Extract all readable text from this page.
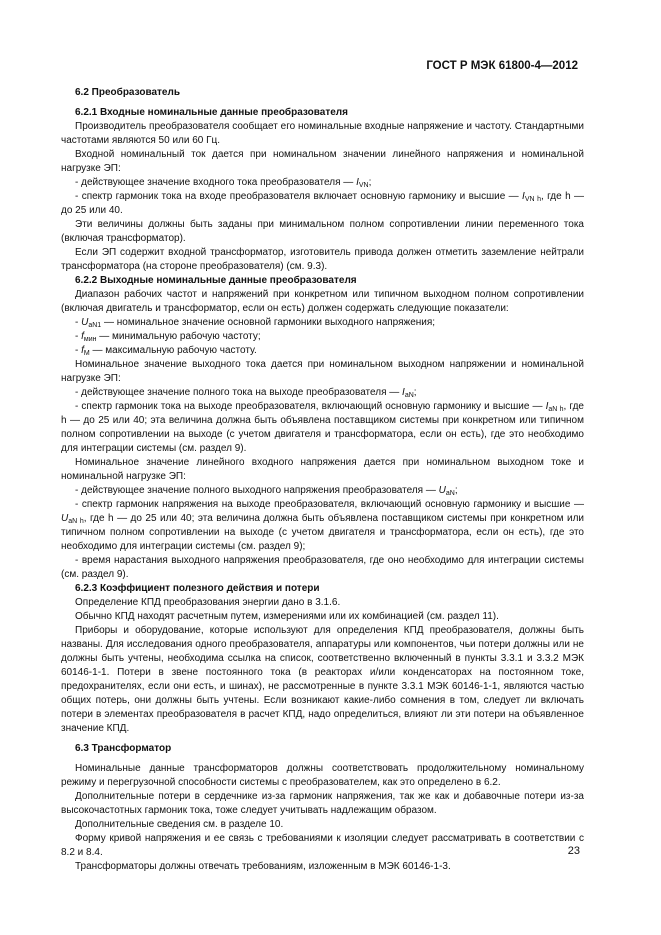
ГОСТ Р МЭК 61800-4—2012

6.2 Преобразователь

6.2.1 Входные номинальные данные преобразователя

Производитель преобразователя сообщает его номинальные входные напряжение и частоту. Стандартными частотами являются 50 или 60 Гц.

Входной номинальный ток дается при номинальном значении линейного напряжения и номинальной нагрузке ЭП:

- действующее значение входного тока преобразователя — $I_{VN}$;

- спектр гармоник тока на входе преобразователя включает основную гармонику и высшие — $I_{VN h}$, где h — до 25 или 40.

Эти величины должны быть заданы при минимальном полном сопротивлении линии переменного тока (включая трансформатор).

Если ЭП содержит входной трансформатор, изготовитель привода должен отметить заземление нейтрали трансформатора (на стороне преобразователя) (см. 9.3).

6.2.2 Выходные номинальные данные преобразователя

Диапазон рабочих частот и напряжений при конкретном или типичном выходном полном сопротивлении (включая двигатель и трансформатор, если он есть) должен содержать следующие показатели:

- $U_{aN1}$ — номинальное значение основной гармоники выходного напряжения;

- $f_{мин}$ — минимальную рабочую частоту;

- $f_М$ — максимальную рабочую частоту.

Номинальное значение выходного тока дается при номинальном выходном напряжении и номинальной нагрузке ЭП:

- действующее значение полного тока на выходе преобразователя — $I_{aN}$;

- спектр гармоник тока на выходе преобразователя, включающий основную гармонику и высшие — $I_{aN h}$, где h — до 25 или 40; эта величина должна быть объявлена поставщиком системы при конкретном или типичном полном сопротивлении на выходе (с учетом двигателя и трансформатора, если он есть), где это необходимо для интеграции системы (см. раздел 9).

Номинальное значение линейного входного напряжения дается при номинальном выходном токе и номинальной нагрузке ЭП:

- действующее значение полного выходного напряжения преобразователя — $U_{aN}$;

- спектр гармоник напряжения на выходе преобразователя, включающий основную гармонику и высшие — $U_{aN h}$, где h — до 25 или 40; эта величина должна быть объявлена поставщиком системы при конкретном или типичном полном сопротивлении на выходе (с учетом двигателя и трансформатора, если он есть), где это необходимо для интеграции системы (см. раздел 9);

- время нарастания выходного напряжения преобразователя, где оно необходимо для интеграции системы (см. раздел 9).

6.2.3 Коэффициент полезного действия и потери

Определение КПД преобразования энергии дано в 3.1.6.

Обычно КПД находят расчетным путем, измерениями или их комбинацией (см. раздел 11).

Приборы и оборудование, которые используют для определения КПД преобразователя, должны быть названы. Для исследования одного преобразователя, аппаратуры или компонентов, чьи потери должны или не должны быть учтены, необходима ссылка на список, соответственно включенный в пункты 3.3.1 и 3.3.2 МЭК 60146-1-1. Потери в звене постоянного тока (в реакторах и/или конденсаторах на постоянном токе, предохранителях, если они есть, и шинах), не рассмотренные в пункте 3.3.1 МЭК 60146-1-1, являются частью общих потерь, они должны быть учтены. Если возникают какие-либо сомнения в том, следует ли включать потери в элементах преобразователя в расчет КПД, надо определиться, влияют ли эти потери на объявленное значение КПД.

6.3 Трансформатор

Номинальные данные трансформаторов должны соответствовать продолжительному номинальному режиму и перегрузочной способности системы с преобразователем, как это определено в 6.2.

Дополнительные потери в сердечнике из-за гармоник напряжения, так же как и добавочные потери из-за высокочастотных гармоник тока, тоже следует учитывать надлежащим образом.

Дополнительные сведения см. в разделе 10.

Форму кривой напряжения и ее связь с требованиями к изоляции следует рассматривать в соответствии с 8.2 и 8.4.

Трансформаторы должны отвечать требованиям, изложенным в МЭК 60146-1-3.

23
